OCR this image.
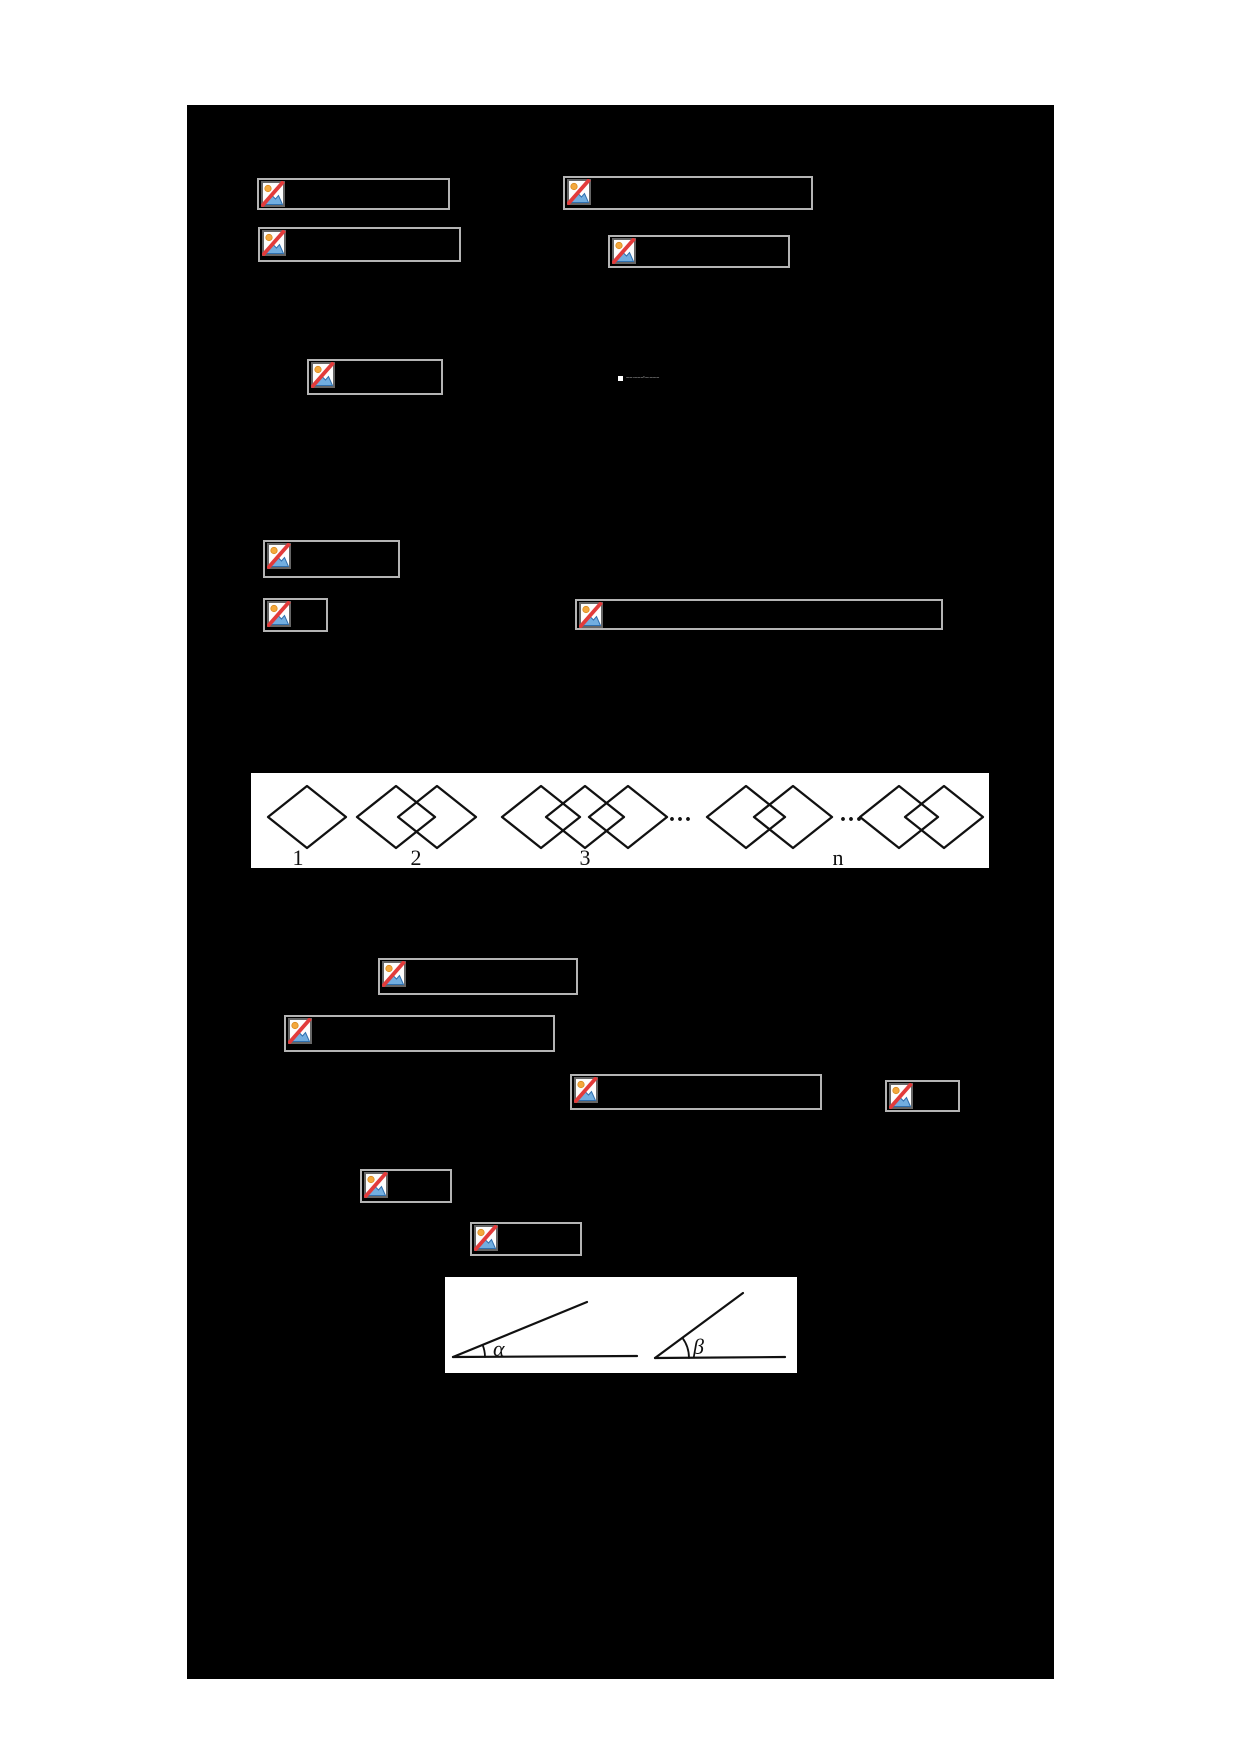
‒‒·‒‒‒ᵗ‒·‒‒‒
···	···
1	2	3	n
α	β
